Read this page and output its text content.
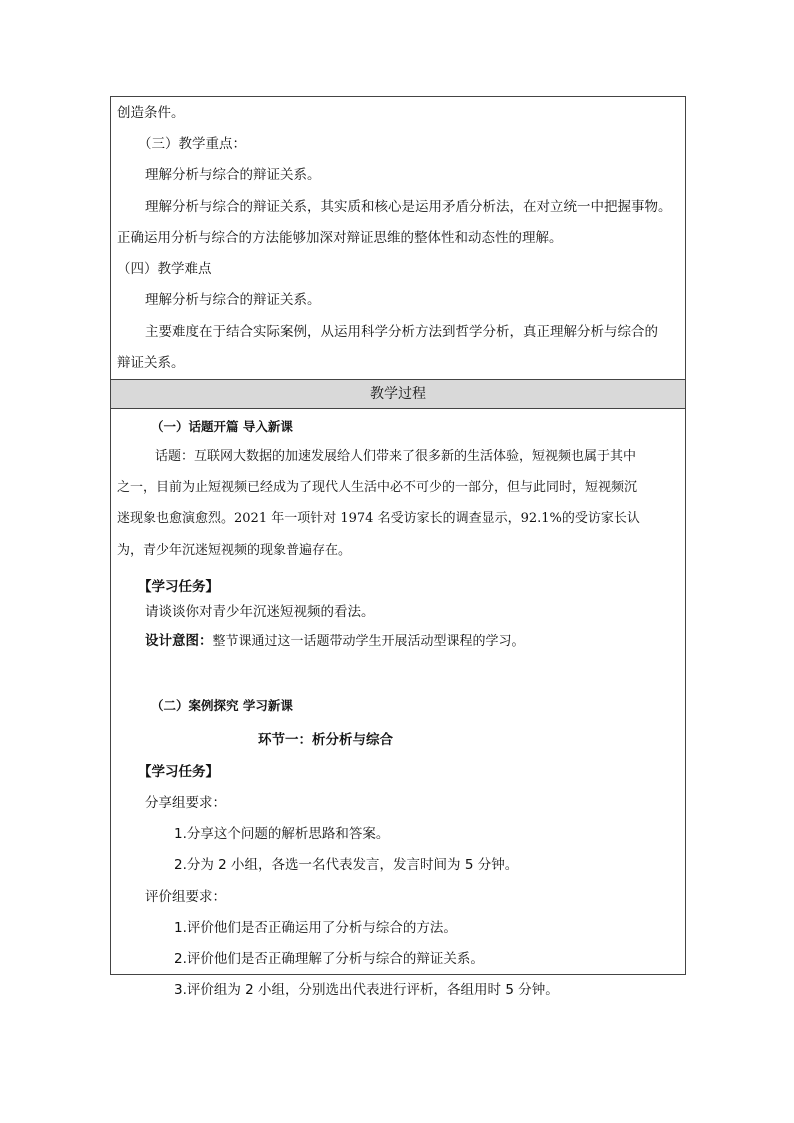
创造条件。
（三）教学重点：
理解分析与综合的辩证关系。
理解分析与综合的辩证关系，其实质和核心是运用矛盾分析法，在对立统一中把握事物。
正确运用分析与综合的方法能够加深对辩证思维的整体性和动态性的理解。
（四）教学难点
理解分析与综合的辩证关系。
主要难度在于结合实际案例，从运用科学分析方法到哲学分析，真正理解分析与综合的
辩证关系。
教学过程
（一）话题开篇 导入新课
话题：互联网大数据的加速发展给人们带来了很多新的生活体验，短视频也属于其中
之一，目前为止短视频已经成为了现代人生活中必不可少的一部分，但与此同时，短视频沉
迷现象也愈演愈烈。2021 年一项针对 1974 名受访家长的调查显示，92.1%的受访家长认
为，青少年沉迷短视频的现象普遍存在。
【学习任务】
请谈谈你对青少年沉迷短视频的看法。
设计意图：整节课通过这一话题带动学生开展活动型课程的学习。
（二）案例探究 学习新课
环节一：析分析与综合
【学习任务】
分享组要求：
1.分享这个问题的解析思路和答案。
2.分为 2 小组，各选一名代表发言，发言时间为 5 分钟。
评价组要求：
1.评价他们是否正确运用了分析与综合的方法。
2.评价他们是否正确理解了分析与综合的辩证关系。
3.评价组为 2 小组，分别选出代表进行评析，各组用时 5 分钟。
